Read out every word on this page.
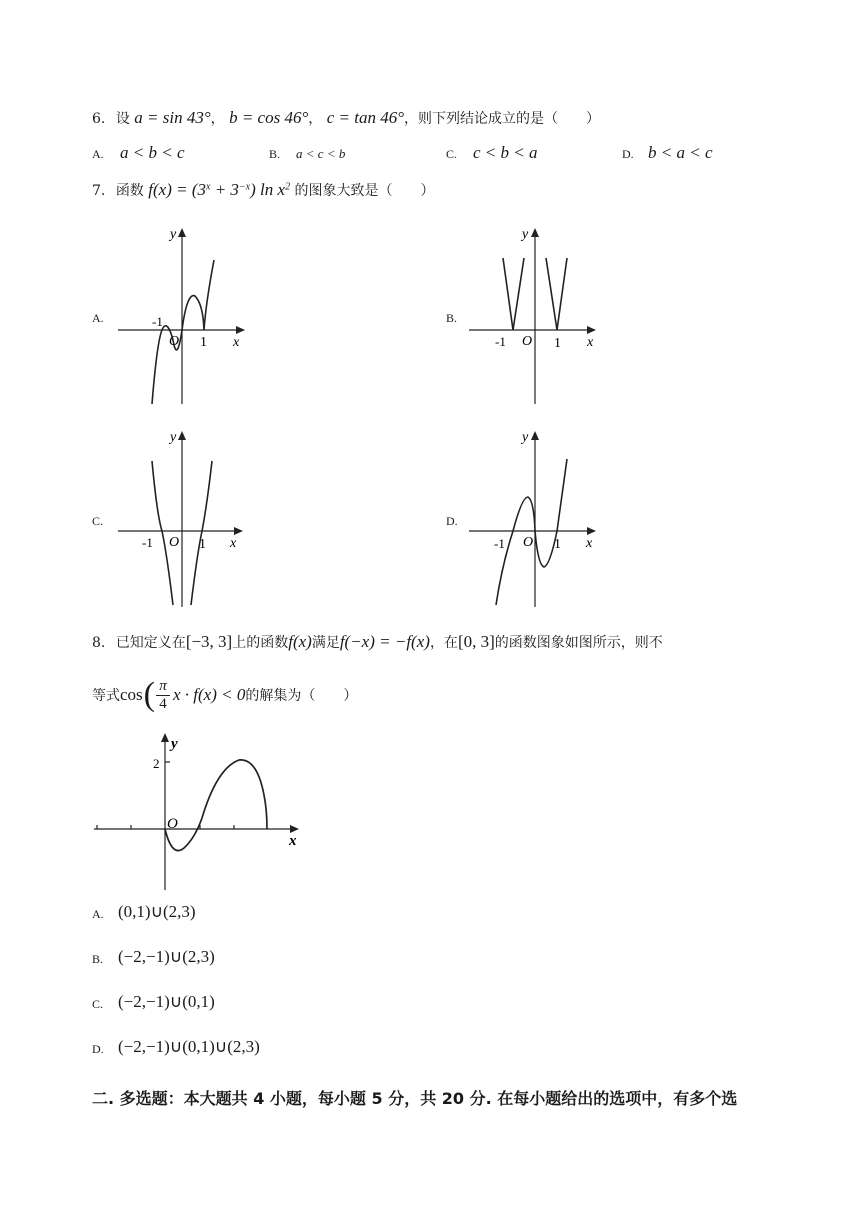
6. 设 a = sin 43°， b = cos 46°， c = tan 46°，则下列结论成立的是（　　）
A. a < b < c	B. a < c < b	C. c < b < a	D. b < a < c
7. 函数 $f(x) = (3^x + 3^{-x})$ $\ln x^2$ 的图象大致是（　　）
A.	-1
O 1 x
y
B.
-1 O 1 x
y
C.
-1 O 1 x
y
D.
-1 O 1 x
y
8. 已知定义在[−3, 3]上的函数f(x)满足f(−x) = −f(x)，在[0, 3]的函数图象如图所示，则不
等式 cos ( π
4 x · f(x) < 0 的解集为（　　）
y
O
x
2
A. (0,1)∪(2,3)
B. (−2,−1)∪(2,3)
C. (−2,−1)∪(0,1)
D. (−2,−1)∪(0,1)∪(2,3)
二. 多选题：本大题共 4 小题，每小题 5 分，共 20 分. 在每小题给出的选项中，有多个选
